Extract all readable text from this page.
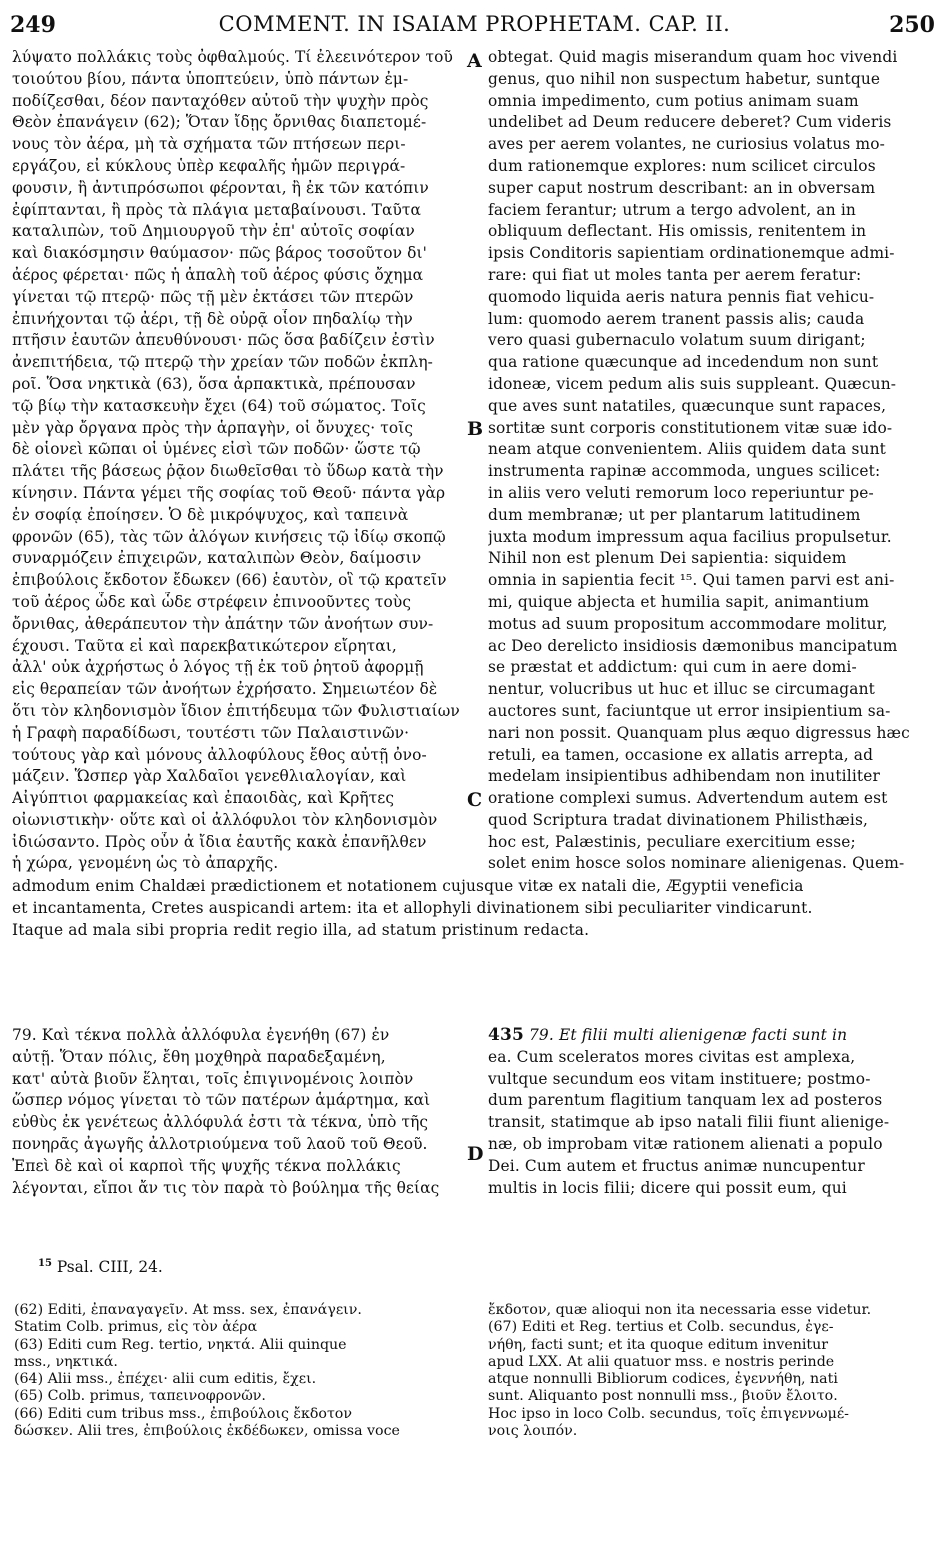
249	COMMENT. IN ISAIAM PROPHETAM. CAP. II.	250
A
B
C
D
λύψατο πολλάκις τοὺς ὀφθαλμούς. Τί ἐλεεινότερον τοῦ
τοιούτου βίου, πάντα ὑποπτεύειν, ὑπὸ πάντων ἐμ-
ποδίζεσθαι, δέον πανταχόθεν αὐτοῦ τὴν ψυχὴν πρὸς
Θεὸν ἐπανάγειν (62); Ὅταν ἴδῃς ὄρνιθας διαπετομέ-
νους τὸν ἀέρα, μὴ τὰ σχήματα τῶν πτήσεων περι-
εργάζου, εἰ κύκλους ὑπὲρ κεφαλῆς ἡμῶν περιγρά-
φουσιν, ἢ ἀντιπρόσωποι φέρονται, ἢ ἐκ τῶν κατόπιν
ἐφίπτανται, ἢ πρὸς τὰ πλάγια μεταβαίνουσι. Ταῦτα
καταλιπὼν, τοῦ Δημιουργοῦ τὴν ἐπ' αὐτοῖς σοφίαν
καὶ διακόσμησιν θαύμασον· πῶς βάρος τοσοῦτον δι'
ἀέρος φέρεται· πῶς ἡ ἁπαλὴ τοῦ ἀέρος φύσις ὄχημα
γίνεται τῷ πτερῷ· πῶς τῇ μὲν ἐκτάσει τῶν πτερῶν
ἐπινήχονται τῷ ἀέρι, τῇ δὲ οὐρᾷ οἷον πηδαλίῳ τὴν
πτῆσιν ἑαυτῶν ἀπευθύνουσι· πῶς ὅσα βαδίζειν ἐστὶν
ἀνεπιτήδεια, τῷ πτερῷ τὴν χρείαν τῶν ποδῶν ἐκπλη-
ροῖ. Ὅσα νηκτικὰ (63), ὅσα ἁρπακτικὰ, πρέπουσαν
τῷ βίῳ τὴν κατασκευὴν ἔχει (64) τοῦ σώματος. Τοῖς
μὲν γὰρ ὄργανα πρὸς τὴν ἁρπαγὴν, οἱ ὄνυχες· τοῖς
δὲ οἱονεὶ κῶπαι οἱ ὑμένες εἰσὶ τῶν ποδῶν· ὥστε τῷ
πλάτει τῆς βάσεως ῥᾷον διωθεῖσθαι τὸ ὕδωρ κατὰ τὴν
κίνησιν. Πάντα γέμει τῆς σοφίας τοῦ Θεοῦ· πάντα γὰρ
ἐν σοφίᾳ ἐποίησεν. Ὁ δὲ μικρόψυχος, καὶ ταπεινὰ
φρονῶν (65), τὰς τῶν ἀλόγων κινήσεις τῷ ἰδίῳ σκοπῷ
συναρμόζειν ἐπιχειρῶν, καταλιπὼν Θεὸν, δαίμοσιν
ἐπιβούλοις ἔκδοτον ἔδωκεν (66) ἑαυτὸν, οἳ τῷ κρατεῖν
τοῦ ἀέρος ὧδε καὶ ὧδε στρέφειν ἐπινοοῦντες τοὺς
ὄρνιθας, ἀθεράπευτον τὴν ἀπάτην τῶν ἀνοήτων συν-
έχουσι. Ταῦτα εἰ καὶ παρεκβατικώτερον εἴρηται,
ἀλλ' οὐκ ἀχρήστως ὁ λόγος τῇ ἐκ τοῦ ῥητοῦ ἀφορμῇ
εἰς θεραπείαν τῶν ἀνοήτων ἐχρήσατο. Σημειωτέον δὲ
ὅτι τὸν κληδονισμὸν ἴδιον ἐπιτήδευμα τῶν Φυλιστιαίων
ἡ Γραφὴ παραδίδωσι, τουτέστι τῶν Παλαιστινῶν·
τούτους γὰρ καὶ μόνους ἀλλοφύλους ἔθος αὐτῇ ὀνο-
μάζειν. Ὥσπερ γὰρ Χαλδαῖοι γενεθλιαλογίαν, καὶ
Αἰγύπτιοι φαρμακείας καὶ ἐπαοιδὰς, καὶ Κρῆτες
οἰωνιστικὴν· οὕτε καὶ οἱ ἀλλόφυλοι τὸν κληδονισμὸν
ἰδιώσαντο. Πρὸς οὖν ἀ ἴδια ἑαυτῆς κακὰ ἐπανῆλθεν
ἡ χώρα, γενομένη ὡς τὸ ἀπαρχῆς.
obtegat. Quid magis miserandum quam hoc vivendi
genus, quo nihil non suspectum habetur, suntque
omnia impedimento, cum potius animam suam
undelibet ad Deum reducere deberet? Cum videris
aves per aerem volantes, ne curiosius volatus mo-
dum rationemque explores: num scilicet circulos
super caput nostrum describant: an in obversam
faciem ferantur; utrum a tergo advolent, an in
obliquum deflectant. His omissis, renitentem in
ipsis Conditoris sapientiam ordinationemque admi-
rare: qui fiat ut moles tanta per aerem feratur:
quomodo liquida aeris natura pennis fiat vehicu-
lum: quomodo aerem tranent passis alis; cauda
vero quasi gubernaculo volatum suum dirigant;
qua ratione quæcunque ad incedendum non sunt
idoneæ, vicem pedum alis suis suppleant. Quæcun-
que aves sunt natatiles, quæcunque sunt rapaces,
sortitæ sunt corporis constitutionem vitæ suæ ido-
neam atque convenientem. Aliis quidem data sunt
instrumenta rapinæ accommoda, ungues scilicet:
in aliis vero veluti remorum loco reperiuntur pe-
dum membranæ; ut per plantarum latitudinem
juxta modum impressum aqua facilius propulsetur.
Nihil non est plenum Dei sapientia: siquidem
omnia in sapientia fecit ¹⁵. Qui tamen parvi est ani-
mi, quique abjecta et humilia sapit, animantium
motus ad suum propositum accommodare molitur,
ac Deo derelicto insidiosis dæmonibus mancipatum
se præstat et addictum: qui cum in aere domi-
nentur, volucribus ut huc et illuc se circumagant
auctores sunt, faciuntque ut error insipientium sa-
nari non possit. Quanquam plus æquo digressus hæc
retuli, ea tamen, occasione ex allatis arrepta, ad
medelam insipientibus adhibendam non inutiliter
oratione complexi sumus. Advertendum autem est
quod Scriptura tradat divinationem Philisthæis,
hoc est, Palæstinis, peculiare exercitium esse;
solet enim hosce solos nominare alienigenas. Quem-
admodum enim Chaldæi prædictionem et notationem cujusque vitæ ex natali die, Ægyptii veneficia
et incantamenta, Cretes auspicandi artem: ita et allophyli divinationem sibi peculiariter vindicarunt.
Itaque ad mala sibi propria redit regio illa, ad statum pristinum redacta.
79. Καὶ τέκνα πολλὰ ἀλλόφυλα ἐγενήθη (67) ἐν
αὐτῇ. Ὅταν πόλις, ἔθη μοχθηρὰ παραδεξαμένη,
κατ' αὐτὰ βιοῦν ἕληται, τοῖς ἐπιγινομένοις λοιπὸν
ὥσπερ νόμος γίνεται τὸ τῶν πατέρων ἁμάρτημα, καὶ
εὐθὺς ἐκ γενέτεως ἀλλόφυλά ἐστι τὰ τέκνα, ὑπὸ τῆς
πονηρᾶς ἀγωγῆς ἀλλοτριούμενα τοῦ λαοῦ τοῦ Θεοῦ.
Ἐπεὶ δὲ καὶ οἱ καρποὶ τῆς ψυχῆς τέκνα πολλάκις
λέγονται, εἴποι ἄν τις τὸν παρὰ τὸ βούλημα τῆς θείας
435 79. Et filii multi alienigenæ facti sunt in
ea. Cum sceleratos mores civitas est amplexa,
vultque secundum eos vitam instituere; postmo-
dum parentum flagitium tanquam lex ad posteros
transit, statimque ab ipso natali filii fiunt alienige-
næ, ob improbam vitæ rationem alienati a populo
Dei. Cum autem et fructus animæ nuncupentur
multis in locis filii; dicere qui possit eum, qui
$^{15}$ Psal. CIII, 24.
(62) Editi, ἐπαναγαγεῖν. At mss. sex, ἐπανάγειν.
Statim Colb. primus, εἰς τὸν ἀέρα
(63) Editi cum Reg. tertio, νηκτά. Alii quinque
mss., νηκτικά.
(64) Alii mss., ἐπέχει· alii cum editis, ἔχει.
(65) Colb. primus, ταπεινοφρονῶν.
(66) Editi cum tribus mss., ἐπιβούλοις ἔκδοτον
δώσκεν. Alii tres, ἐπιβούλοις ἐκδέδωκεν, omissa voce
ἔκδοτον, quæ alioqui non ita necessaria esse videtur.
(67) Editi et Reg. tertius et Colb. secundus, ἐγε-
νήθη, facti sunt; et ita quoque editum invenitur
apud LXX. At alii quatuor mss. e nostris perinde
atque nonnulli Bibliorum codices, ἐγεννήθη, nati
sunt. Aliquanto post nonnulli mss., βιοῦν ἔλοιτο.
Hoc ipso in loco Colb. secundus, τοῖς ἐπιγεννωμέ-
νοις λοιπόν.
